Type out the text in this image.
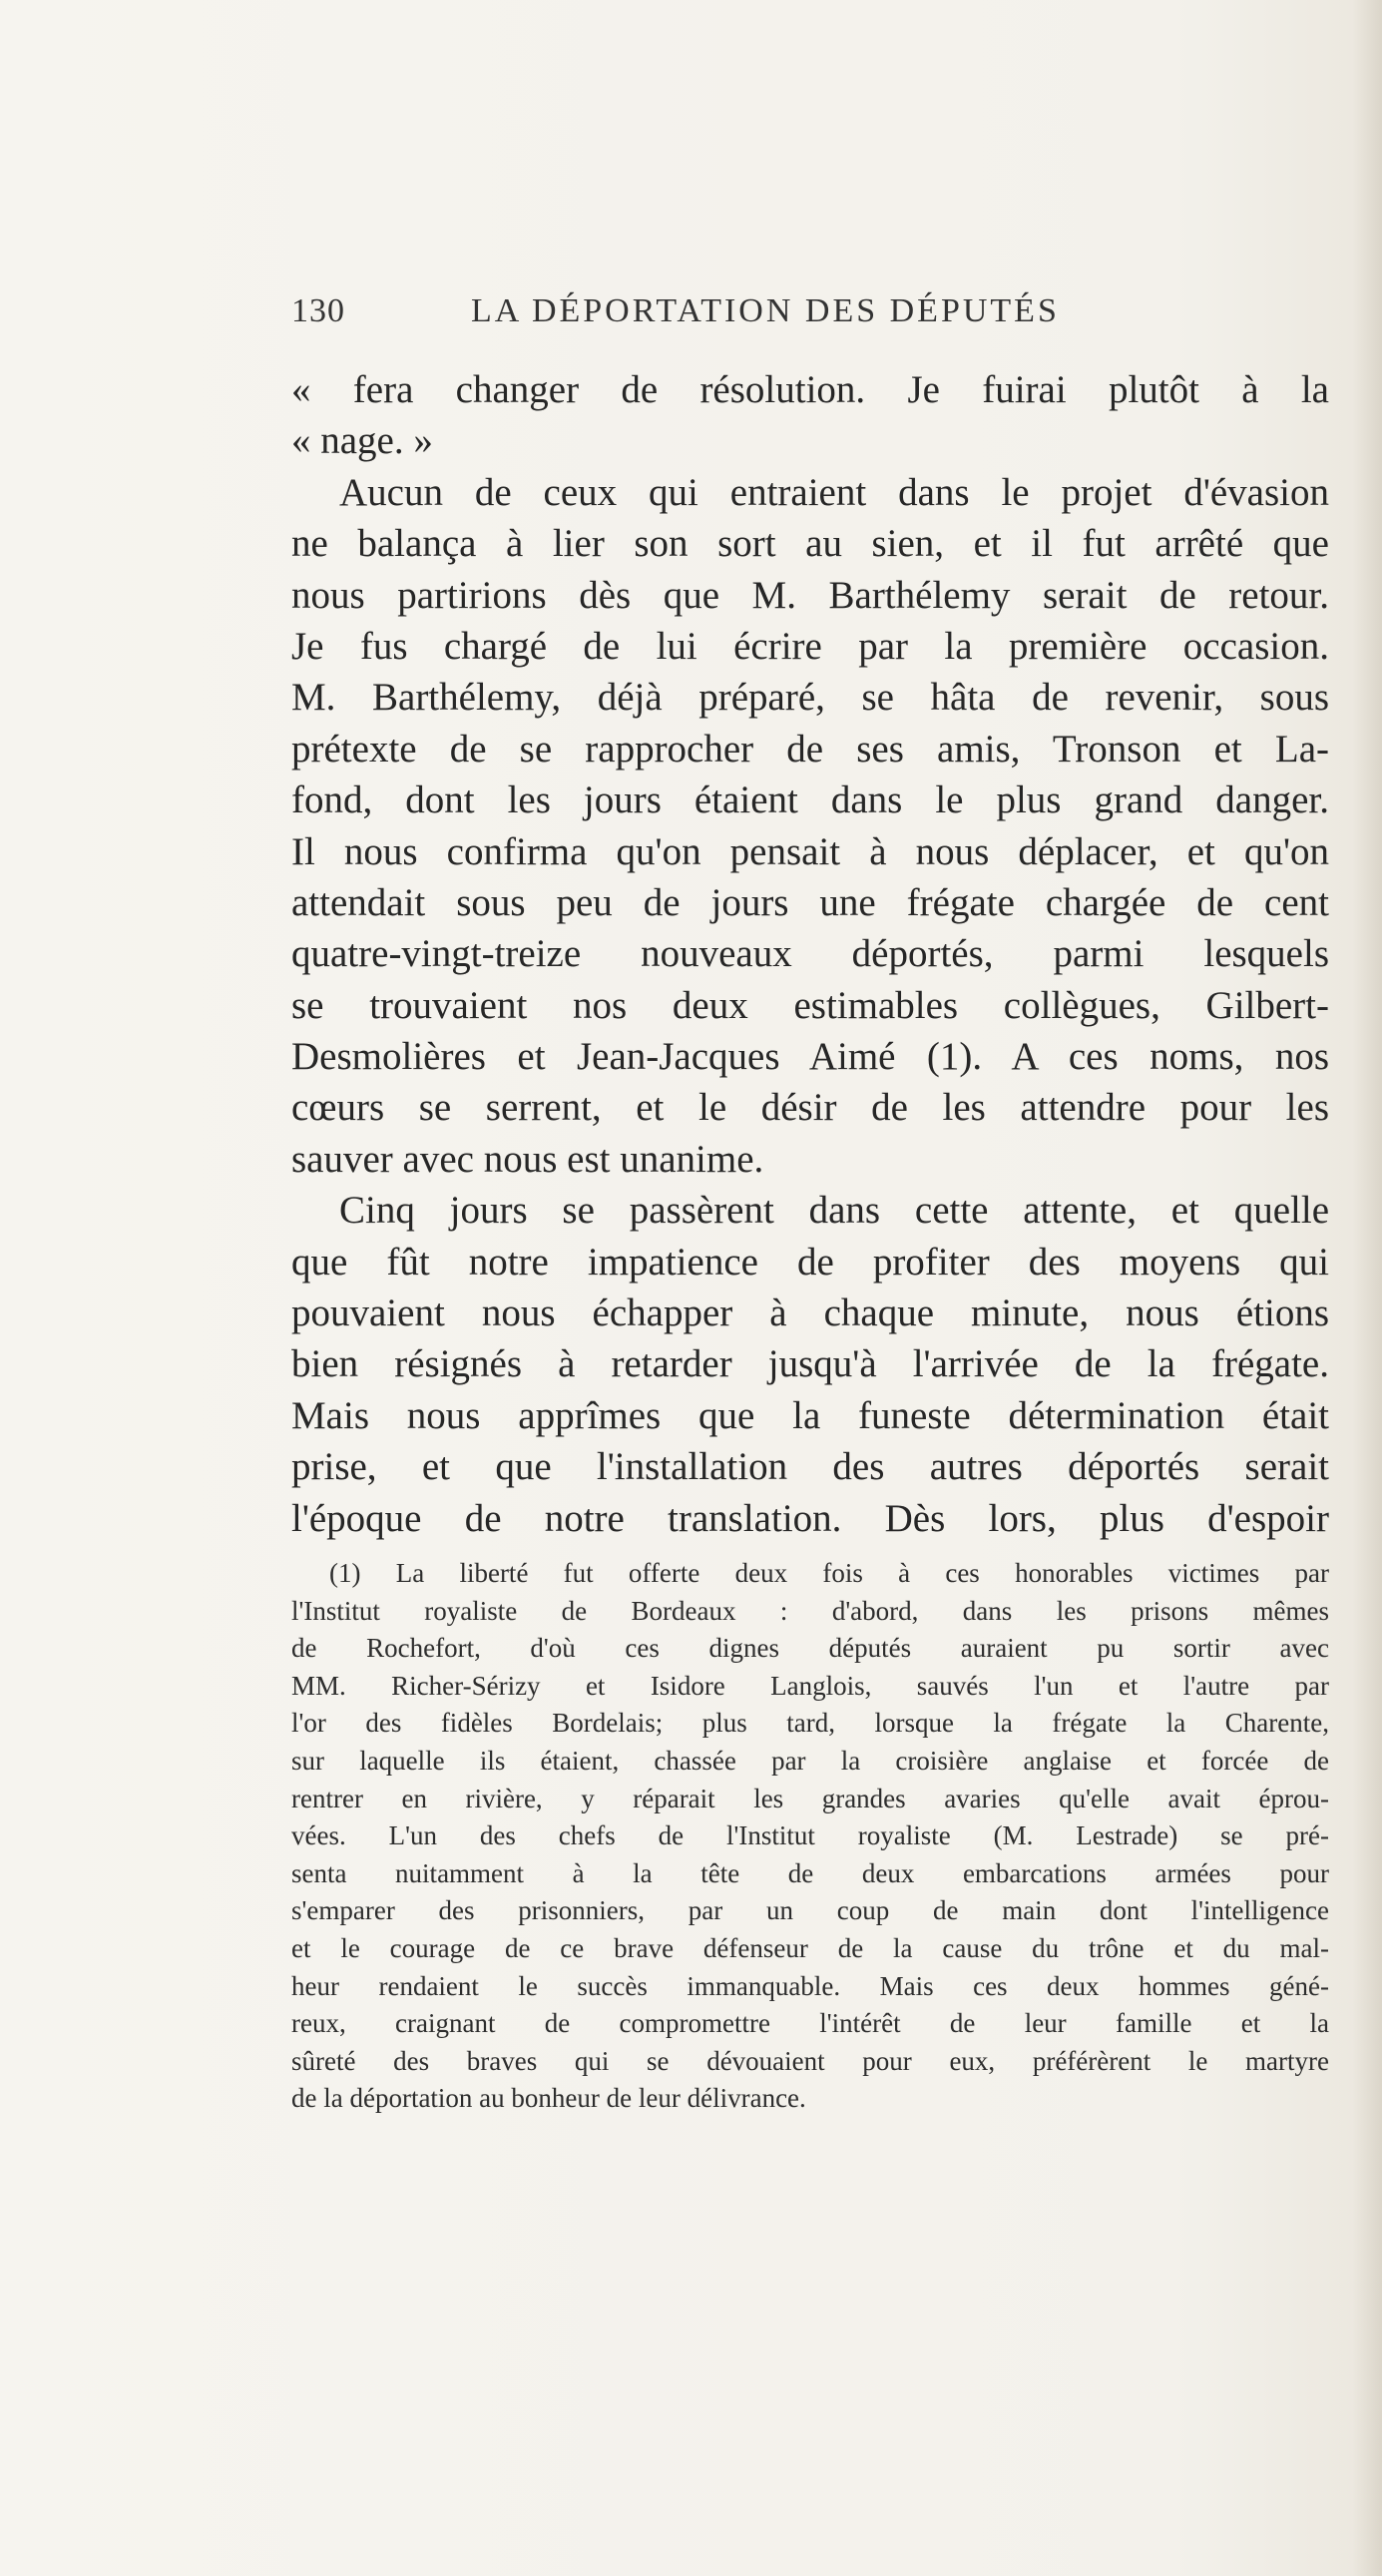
130	LA DÉPORTATION DES DÉPUTÉS
« fera changer de résolution. Je fuirai plutôt à la
« nage. »
Aucun de ceux qui entraient dans le projet d'évasion
ne balança à lier son sort au sien, et il fut arrêté que
nous partirions dès que M. Barthélemy serait de retour.
Je fus chargé de lui écrire par la première occasion.
M. Barthélemy, déjà préparé, se hâta de revenir, sous
prétexte de se rapprocher de ses amis, Tronson et La-
fond, dont les jours étaient dans le plus grand danger.
Il nous confirma qu'on pensait à nous déplacer, et qu'on
attendait sous peu de jours une frégate chargée de cent
quatre-vingt-treize nouveaux déportés, parmi lesquels
se trouvaient nos deux estimables collègues, Gilbert-
Desmolières et Jean-Jacques Aimé (1). A ces noms, nos
cœurs se serrent, et le désir de les attendre pour les
sauver avec nous est unanime.
Cinq jours se passèrent dans cette attente, et quelle
que fût notre impatience de profiter des moyens qui
pouvaient nous échapper à chaque minute, nous étions
bien résignés à retarder jusqu'à l'arrivée de la frégate.
Mais nous apprîmes que la funeste détermination était
prise, et que l'installation des autres déportés serait
l'époque de notre translation. Dès lors, plus d'espoir
(1) La liberté fut offerte deux fois à ces honorables victimes par
l'Institut royaliste de Bordeaux : d'abord, dans les prisons mêmes
de Rochefort, d'où ces dignes députés auraient pu sortir avec
MM. Richer-Sérizy et Isidore Langlois, sauvés l'un et l'autre par
l'or des fidèles Bordelais; plus tard, lorsque la frégate la Charente,
sur laquelle ils étaient, chassée par la croisière anglaise et forcée de
rentrer en rivière, y réparait les grandes avaries qu'elle avait éprou-
vées. L'un des chefs de l'Institut royaliste (M. Lestrade) se pré-
senta nuitamment à la tête de deux embarcations armées pour
s'emparer des prisonniers, par un coup de main dont l'intelligence
et le courage de ce brave défenseur de la cause du trône et du mal-
heur rendaient le succès immanquable. Mais ces deux hommes géné-
reux, craignant de compromettre l'intérêt de leur famille et la
sûreté des braves qui se dévouaient pour eux, préférèrent le martyre
de la déportation au bonheur de leur délivrance.
